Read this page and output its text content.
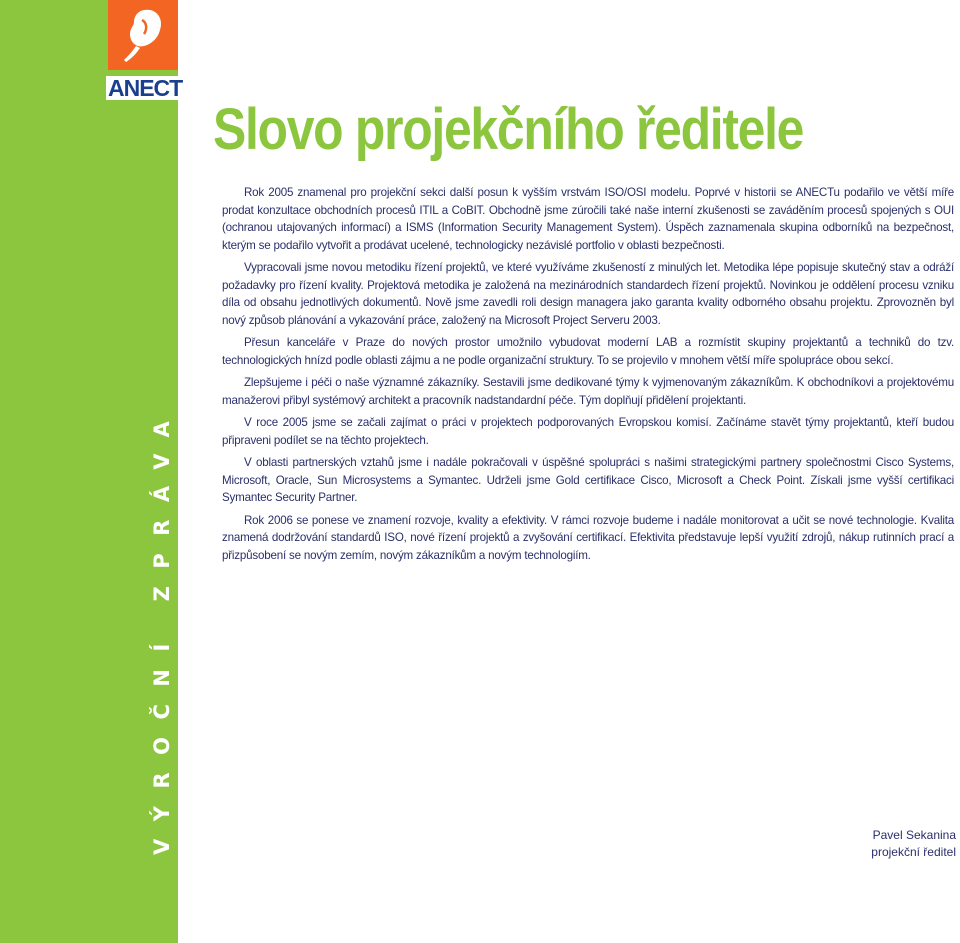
ANECT
VÝROČNÍ ZPRÁVA
Slovo projekčního ředitele

Rok 2005 znamenal pro projekční sekci další posun k vyšším vrstvám ISO/OSI modelu. Poprvé v historii se ANECTu podařilo ve větší míře prodat konzultace obchodních procesů ITIL a CoBIT. Obchodně jsme zúročili také naše interní zkušenosti se zaváděním procesů spojených s OUI (ochranou utajovaných informací) a ISMS (Information Security Management System). Úspěch zaznamenala skupina odborníků na bezpečnost, kterým se podařilo vytvořit a prodávat ucelené, technologicky nezávislé portfolio v oblasti bezpečnosti.

Vypracovali jsme novou metodiku řízení projektů, ve které využíváme zkušeností z minulých let. Metodika lépe popisuje skutečný stav a odráží požadavky pro řízení kvality. Projektová metodika je založená na mezinárodních standardech řízení projektů. Novinkou je oddělení procesu vzniku díla od obsahu jednotlivých dokumentů. Nově jsme zavedli roli design managera jako garanta kvality odborného obsahu projektu. Zprovozněn byl nový způsob plánování a vykazování práce, založený na Microsoft Project Serveru 2003.

Přesun kanceláře v Praze do nových prostor umožnilo vybudovat moderní LAB a rozmístit skupiny projektantů a techniků do tzv. technologických hnízd podle oblasti zájmu a ne podle organizační struktury. To se projevilo v mnohem větší míře spolupráce obou sekcí.

Zlepšujeme i péči o naše významné zákazníky. Sestavili jsme dedikované týmy k vyjmenovaným zákazníkům. K obchodníkovi a projektovému manažerovi přibyl systémový architekt a pracovník nadstandardní péče. Tým doplňují přidělení projektanti.

V roce 2005 jsme se začali zajímat o práci v projektech podporovaných Evropskou komisí. Začínáme stavět týmy projektantů, kteří budou připraveni podílet se na těchto projektech.

V oblasti partnerských vztahů jsme i nadále pokračovali v úspěšné spolupráci s našimi strategickými partnery společnostmi Cisco Systems, Microsoft, Oracle, Sun Microsystems a Symantec. Udrželi jsme Gold certifikace Cisco, Microsoft a Check Point. Získali jsme vyšší certifikaci Symantec Security Partner.

Rok 2006 se ponese ve znamení rozvoje, kvality a efektivity. V rámci rozvoje budeme i nadále monitorovat a učit se nové technologie. Kvalita znamená dodržování standardů ISO, nové řízení projektů a zvyšování certifikací. Efektivita představuje lepší využití zdrojů, nákup rutinních prací a přizpůsobení se novým zemím, novým zákazníkům a novým technologiím.

Pavel Sekanina
projekční ředitel
